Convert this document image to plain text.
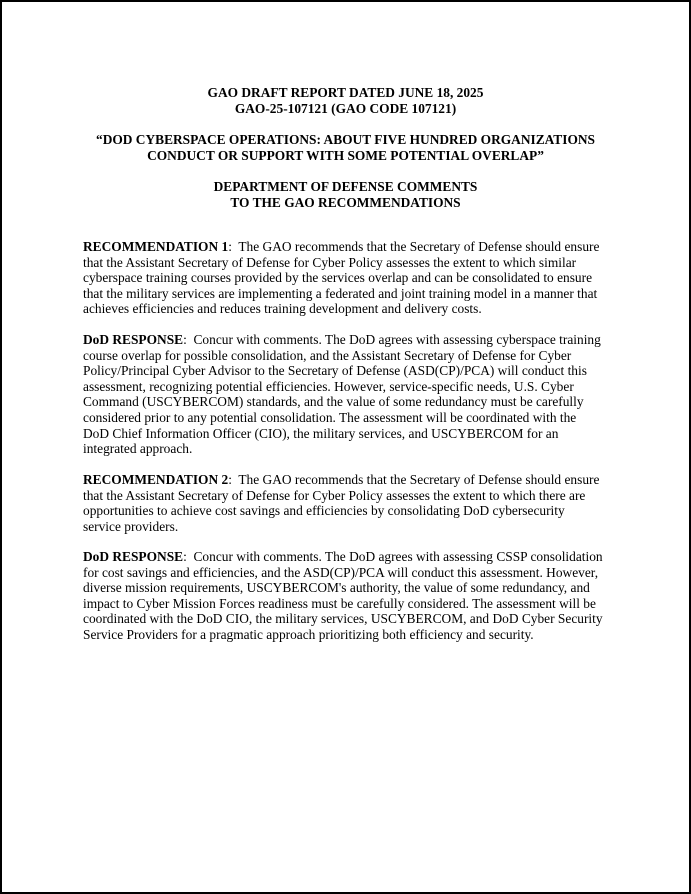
GAO DRAFT REPORT DATED JUNE 18, 2025
GAO-25-107121 (GAO CODE 107121)
“DOD CYBERSPACE OPERATIONS: ABOUT FIVE HUNDRED ORGANIZATIONS
CONDUCT OR SUPPORT WITH SOME POTENTIAL OVERLAP”
DEPARTMENT OF DEFENSE COMMENTS
TO THE GAO RECOMMENDATIONS
RECOMMENDATION 1:  The GAO recommends that the Secretary of Defense should ensure
that the Assistant Secretary of Defense for Cyber Policy assesses the extent to which similar
cyberspace training courses provided by the services overlap and can be consolidated to ensure
that the military services are implementing a federated and joint training model in a manner that
achieves efficiencies and reduces training development and delivery costs.
DoD RESPONSE:  Concur with comments. The DoD agrees with assessing cyberspace training
course overlap for possible consolidation, and the Assistant Secretary of Defense for Cyber
Policy/Principal Cyber Advisor to the Secretary of Defense (ASD(CP)/PCA) will conduct this
assessment, recognizing potential efficiencies. However, service-specific needs, U.S. Cyber
Command (USCYBERCOM) standards, and the value of some redundancy must be carefully
considered prior to any potential consolidation. The assessment will be coordinated with the
DoD Chief Information Officer (CIO), the military services, and USCYBERCOM for an
integrated approach.
RECOMMENDATION 2:  The GAO recommends that the Secretary of Defense should ensure
that the Assistant Secretary of Defense for Cyber Policy assesses the extent to which there are
opportunities to achieve cost savings and efficiencies by consolidating DoD cybersecurity
service providers.
DoD RESPONSE:  Concur with comments. The DoD agrees with assessing CSSP consolidation
for cost savings and efficiencies, and the ASD(CP)/PCA will conduct this assessment. However,
diverse mission requirements, USCYBERCOM's authority, the value of some redundancy, and
impact to Cyber Mission Forces readiness must be carefully considered. The assessment will be
coordinated with the DoD CIO, the military services, USCYBERCOM, and DoD Cyber Security
Service Providers for a pragmatic approach prioritizing both efficiency and security.
